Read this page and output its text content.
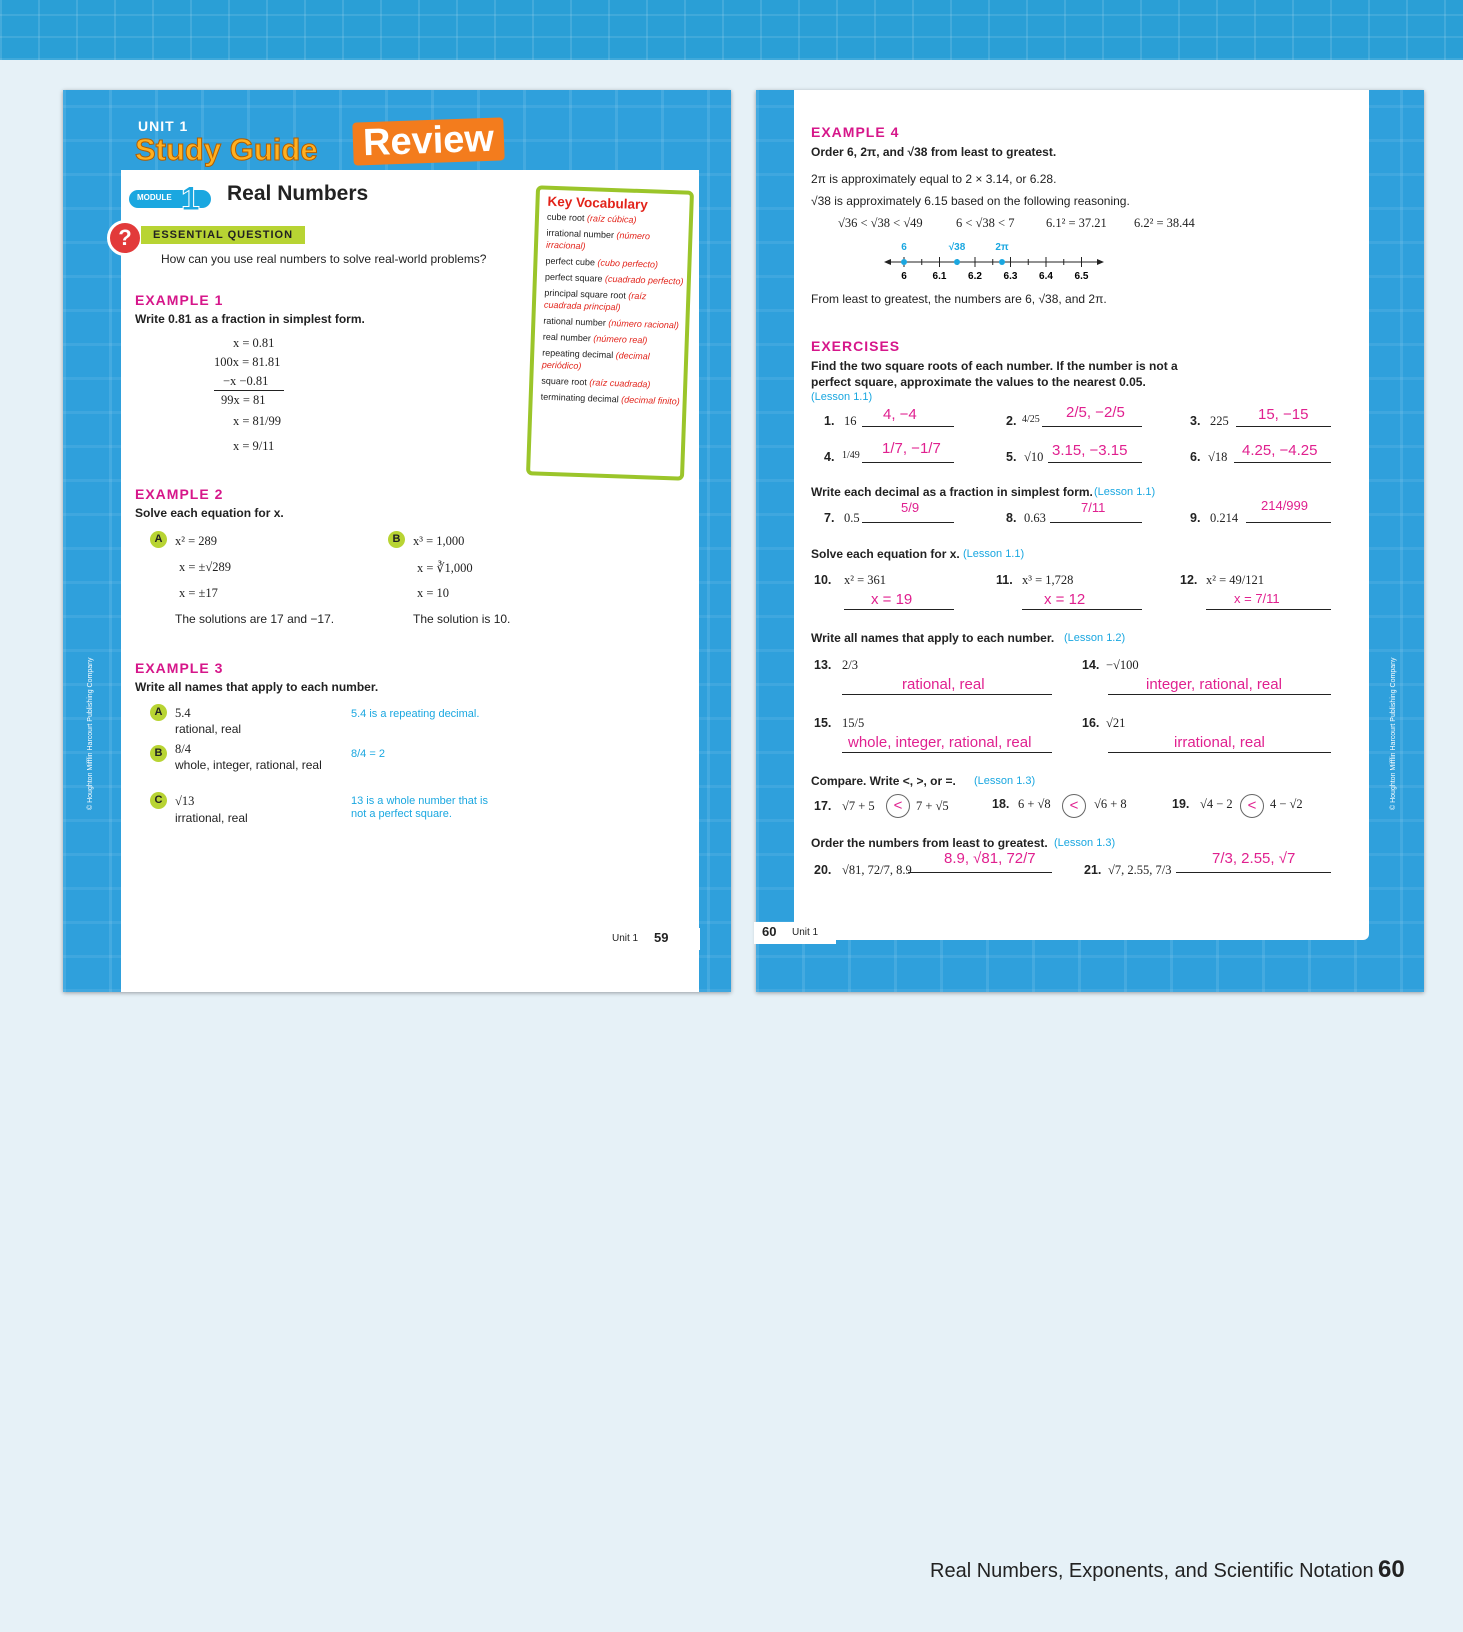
UNIT 1
Study Guide Review
MODULE 1 Real Numbers
?	ESSENTIAL QUESTION
How can you use real numbers to solve real-world problems?
Key Vocabulary
cube root (raíz cúbica)
irrational number (número irracional)
perfect cube (cubo perfecto)
perfect square (cuadrado perfecto)
principal square root (raíz cuadrada principal)
rational number (número racional)
real number (número real)
repeating decimal (decimal periódico)
square root (raíz cuadrada)
terminating decimal (decimal finito)
EXAMPLE 1
Write 0.81 as a fraction in simplest form.
x = 0.81
100x = 81.81
−x −0.81
99x = 81
x = 81/99
x = 9/11
EXAMPLE 2
Solve each equation for x.
A	x² = 289
x = ±√289
x = ±17
The solutions are 17 and −17.
B	x³ = 1,000
x = ∛1,000
x = 10
The solution is 10.
EXAMPLE 3
Write all names that apply to each number.
A	5.4
rational, real
5.4 is a repeating decimal.
B	8/4
whole, integer, rational, real
8/4 = 2
C	√13
irrational, real
13 is a whole number that is not a perfect square.
Unit 1 59
© Houghton Mifflin Harcourt Publishing Company
EXAMPLE 4
Order 6, 2π, and √38 from least to greatest.
2π is approximately equal to 2 × 3.14, or 6.28.
√38 is approximately 6.15 based on the following reasoning.
√36 < √38 < √49	6 < √38 < 7	6.1² = 37.21 6.2² = 38.44
6	6.1 6.2 6.3 6.4 6.5
6	√38	2π
From least to greatest, the numbers are 6, √38, and 2π.
EXERCISES
Find the two square roots of each number. If the number is not a perfect square, approximate the values to the nearest 0.05.
(Lesson 1.1)
1. 16 4, −4	2. 4/25 2/5, −2/5	3. 225 15, −15
4. 1/49 1/7, −1/7	5. √10 3.15, −3.15	6. √18 4.25, −4.25
Write each decimal as a fraction in simplest form. (Lesson 1.1)
7. 0.5
5/9
8. 0.63
7/11
9. 0.214
214/999
Solve each equation for x. (Lesson 1.1)
10. x² = 361
x = 19
11. x³ = 1,728
x = 12
12. x² = 49/121
x = 7/11
Write all names that apply to each number. (Lesson 1.2)
13. 2/3
rational, real
14. −√100
integer, rational, real
15. 15/5
whole, integer, rational, real
16. √21
irrational, real
Compare. Write <, >, or =. (Lesson 1.3)
17. √7 + 5	<	7 + √5	18. 6 + √8	<	√6 + 8	19. √4 − 2 <	4 − √2
Order the numbers from least to greatest. (Lesson 1.3)
20. √81, 72/7, 8.9
8.9, √81, 72/7
21. √7, 2.55, 7/3
7/3, 2.55, √7
60 Unit 1
© Houghton Mifflin Harcourt Publishing Company
Real Numbers, Exponents, and Scientific Notation 60
